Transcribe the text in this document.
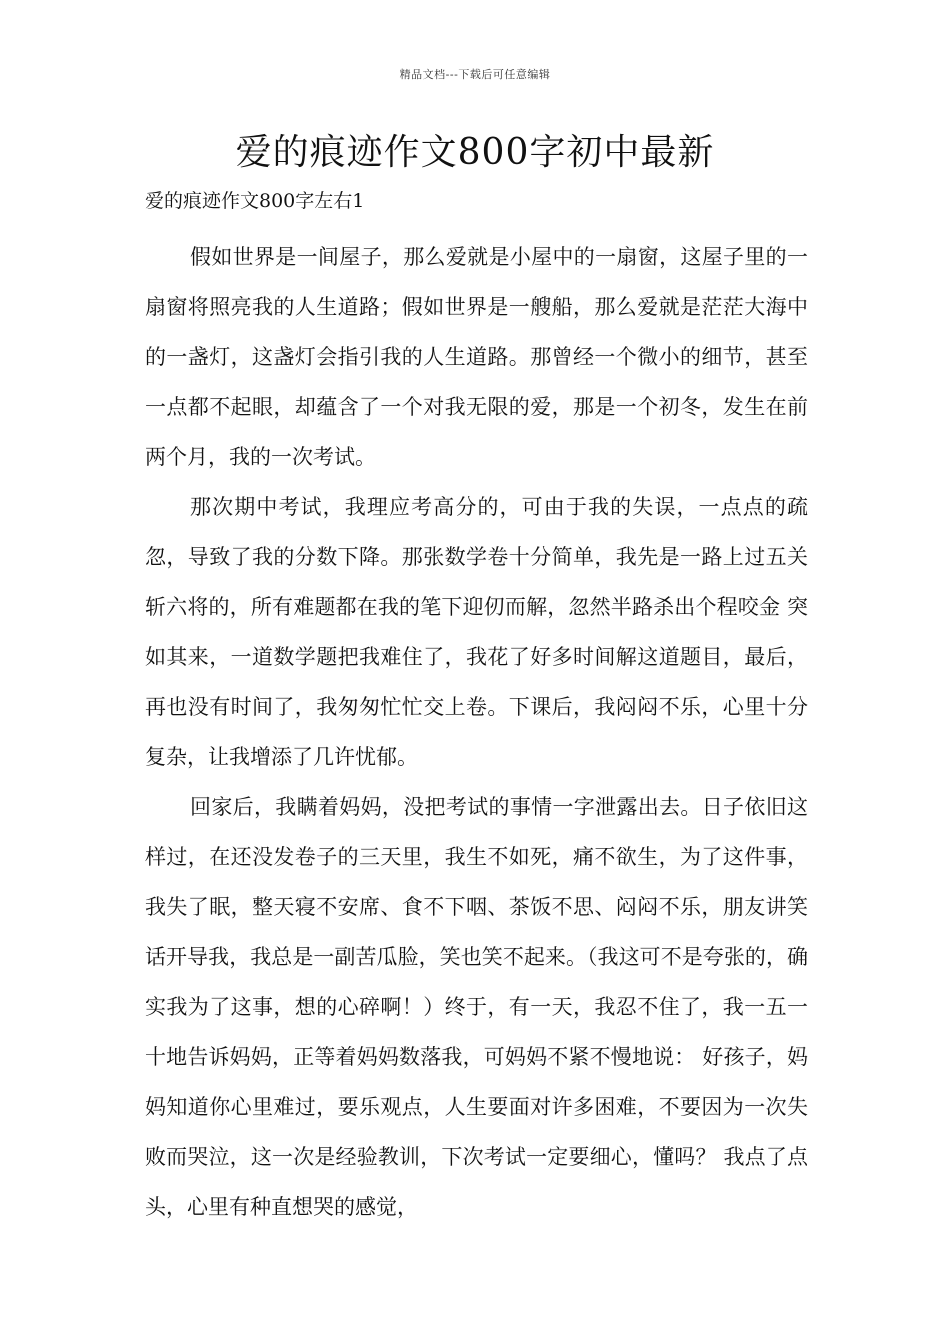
精品文档---下载后可任意编辑
爱的痕迹作文800字初中最新
爱的痕迹作文800字左右1

假如世界是一间屋子，那么爱就是小屋中的一扇窗，这屋子里的一扇窗将照亮我的人生道路；假如世界是一艘船，那么爱就是茫茫大海中的一盏灯，这盏灯会指引我的人生道路。那曾经一个微小的细节，甚至一点都不起眼，却蕴含了一个对我无限的爱，那是一个初冬，发生在前两个月，我的一次考试。

那次期中考试，我理应考高分的，可由于我的失误，一点点的疏忽，导致了我的分数下降。那张数学卷十分简单，我先是一路上过五关斩六将的，所有难题都在我的笔下迎仞而解，忽然半路杀出个程咬金 突如其来，一道数学题把我难住了，我花了好多时间解这道题目，最后，再也没有时间了，我匆匆忙忙交上卷。下课后，我闷闷不乐，心里十分复杂，让我增添了几许忧郁。

回家后，我瞒着妈妈，没把考试的事情一字泄露出去。日子依旧这样过，在还没发卷子的三天里，我生不如死，痛不欲生，为了这件事，我失了眠，整天寝不安席、食不下咽、茶饭不思、闷闷不乐，朋友讲笑话开导我，我总是一副苦瓜脸，笑也笑不起来。（我这可不是夸张的，确实我为了这事，想的心碎啊！）终于，有一天，我忍不住了，我一五一十地告诉妈妈，正等着妈妈数落我，可妈妈不紧不慢地说： 好孩子，妈妈知道你心里难过，要乐观点，人生要面对许多困难，不要因为一次失败而哭泣，这一次是经验教训，下次考试一定要细心，懂吗？ 我点了点头，心里有种直想哭的感觉，
